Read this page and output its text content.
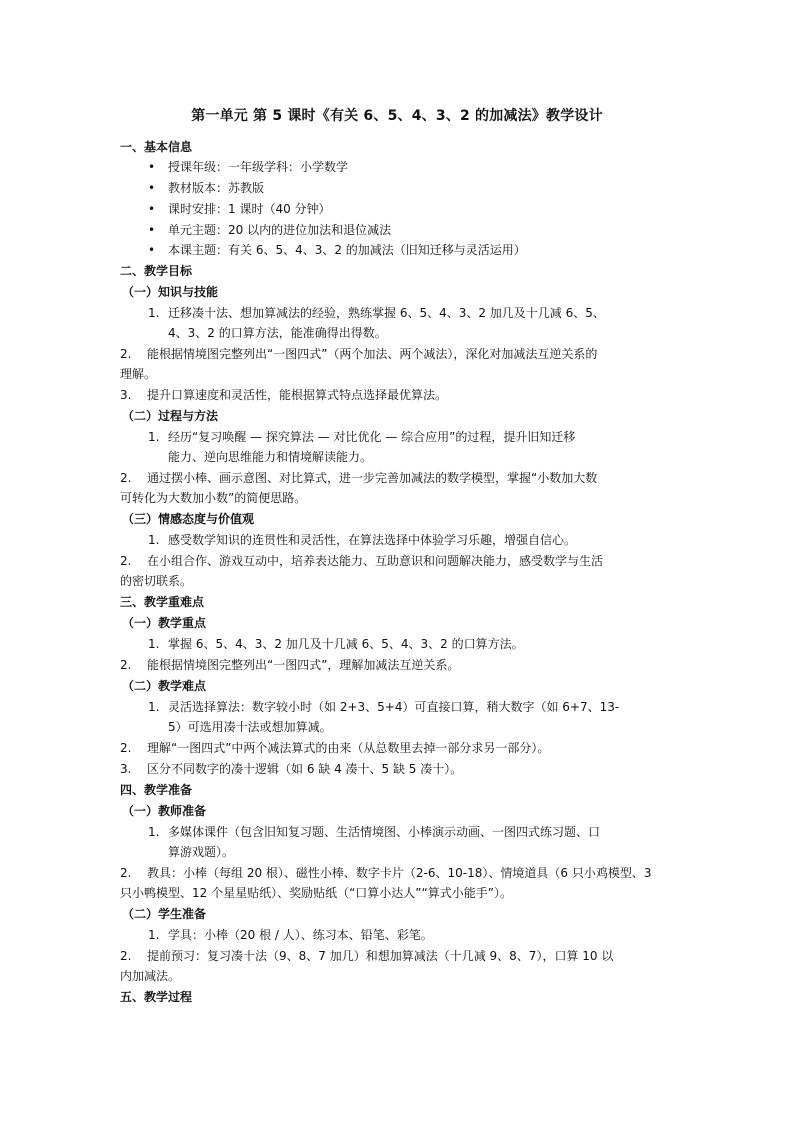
第一单元 第 5 课时《有关 6、5、4、3、2 的加减法》教学设计
一、基本信息
• 授课年级：一年级学科：小学数学
• 教材版本：苏教版
• 课时安排：1 课时（40 分钟）
• 单元主题：20 以内的进位加法和退位减法
• 本课主题：有关 6、5、4、3、2 的加减法（旧知迁移与灵活运用）
二、教学目标
（一）知识与技能
1. 迁移凑十法、想加算减法的经验，熟练掌握 6、5、4、3、2 加几及十几减 6、5、
4、3、2 的口算方法，能准确得出得数。
2. 能根据情境图完整列出“一图四式”（两个加法、两个减法），深化对加减法互逆关系的
理解。
3. 提升口算速度和灵活性，能根据算式特点选择最优算法。
（二）过程与方法
1. 经历“复习唤醒 — 探究算法 — 对比优化 — 综合应用”的过程，提升旧知迁移
能力、逆向思维能力和情境解读能力。
2. 通过摆小棒、画示意图、对比算式，进一步完善加减法的数学模型，掌握“小数加大数
可转化为大数加小数”的简便思路。
（三）情感态度与价值观
1. 感受数学知识的连贯性和灵活性，在算法选择中体验学习乐趣，增强自信心。
2. 在小组合作、游戏互动中，培养表达能力、互助意识和问题解决能力，感受数学与生活
的密切联系。
三、教学重难点
（一）教学重点
1. 掌握 6、5、4、3、2 加几及十几减 6、5、4、3、2 的口算方法。
2. 能根据情境图完整列出“一图四式”，理解加减法互逆关系。
（二）教学难点
1. 灵活选择算法：数字较小时（如 2+3、5+4）可直接口算，稍大数字（如 6+7、13-
5）可选用凑十法或想加算减。
2. 理解“一图四式”中两个减法算式的由来（从总数里去掉一部分求另一部分）。
3. 区分不同数字的凑十逻辑（如 6 缺 4 凑十、5 缺 5 凑十）。
四、教学准备
（一）教师准备
1. 多媒体课件（包含旧知复习题、生活情境图、小棒演示动画、一图四式练习题、口
算游戏题）。
2. 教具：小棒（每组 20 根）、磁性小棒、数字卡片（2-6、10-18）、情境道具（6 只小鸡模型、3
只小鸭模型、12 个星星贴纸）、奖励贴纸（“口算小达人”“算式小能手”）。
（二）学生准备
1. 学具：小棒（20 根 / 人）、练习本、铅笔、彩笔。
2. 提前预习：复习凑十法（9、8、7 加几）和想加算减法（十几减 9、8、7），口算 10 以
内加减法。
五、教学过程
